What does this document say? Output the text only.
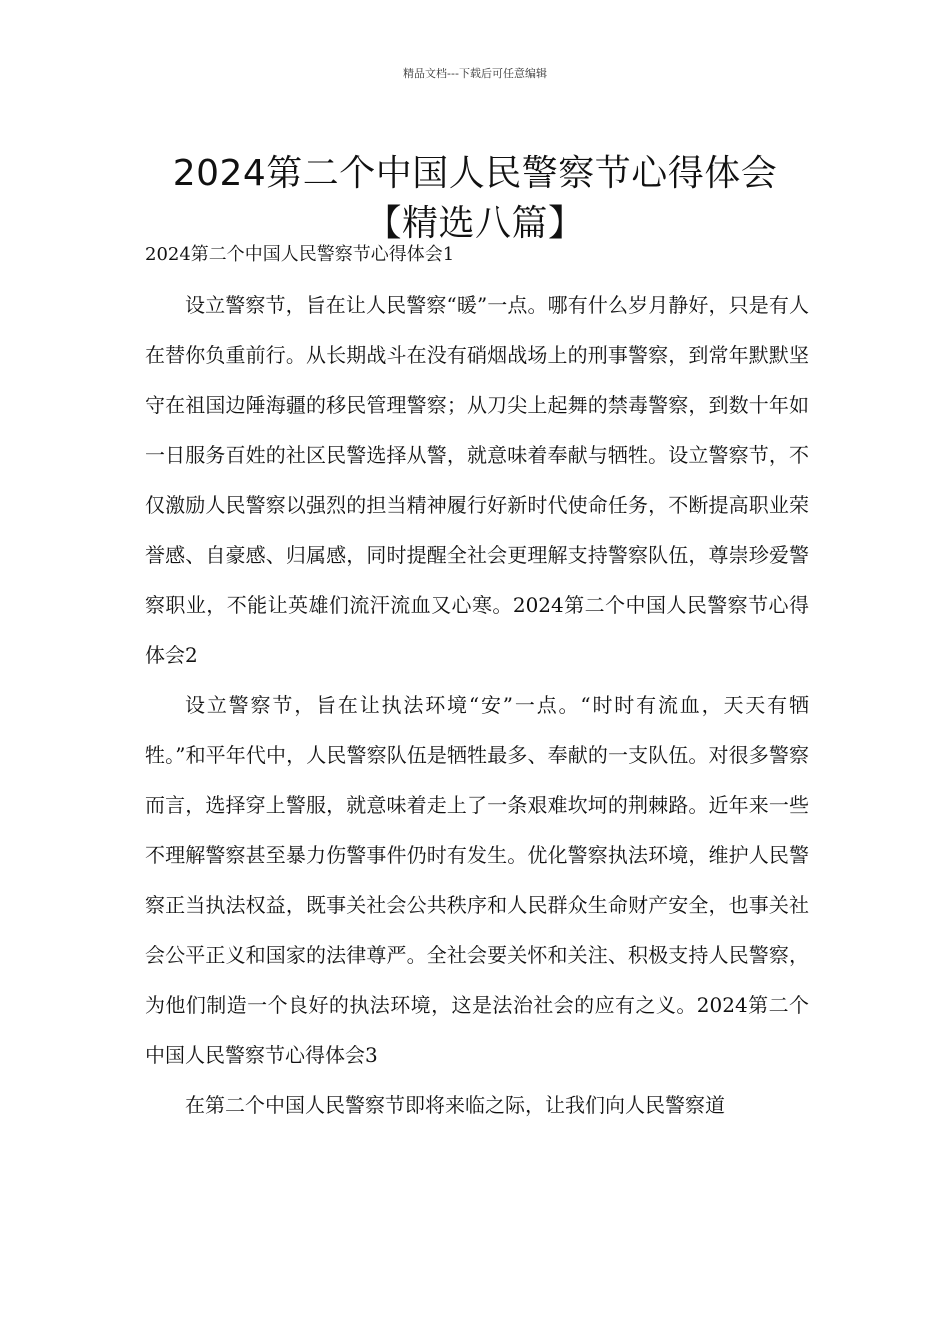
精品文档---下载后可任意编辑
2024第二个中国人民警察节心得体会
【精选八篇】

2024第二个中国人民警察节心得体会1

设立警察节，旨在让人民警察“暖”一点。哪有什么岁月静好，只是有人在替你负重前行。从长期战斗在没有硝烟战场上的刑事警察，到常年默默坚守在祖国边陲海疆的移民管理警察；从刀尖上起舞的禁毒警察，到数十年如一日服务百姓的社区民警选择从警，就意味着奉献与牺牲。设立警察节，不仅激励人民警察以强烈的担当精神履行好新时代使命任务，不断提高职业荣誉感、自豪感、归属感，同时提醒全社会更理解支持警察队伍，尊崇珍爱警察职业，不能让英雄们流汗流血又心寒。2024第二个中国人民警察节心得体会2

设立警察节，旨在让执法环境“安”一点。“时时有流血，天天有牺牲。”和平年代中，人民警察队伍是牺牲最多、奉献的一支队伍。对很多警察而言，选择穿上警服，就意味着走上了一条艰难坎坷的荆棘路。近年来一些不理解警察甚至暴力伤警事件仍时有发生。优化警察执法环境，维护人民警察正当执法权益，既事关社会公共秩序和人民群众生命财产安全，也事关社会公平正义和国家的法律尊严。全社会要关怀和关注、积极支持人民警察，为他们制造一个良好的执法环境，这是法治社会的应有之义。2024第二个中国人民警察节心得体会3

在第二个中国人民警察节即将来临之际，让我们向人民警察道
